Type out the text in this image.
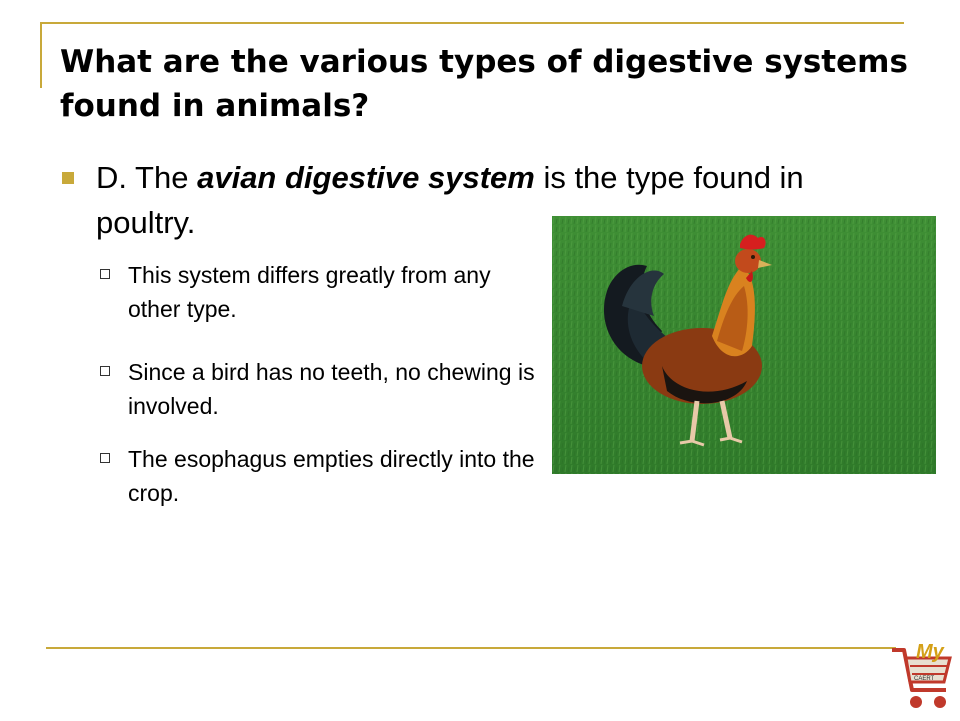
What are the various types of digestive systems found in animals?
D. The avian digestive system is the type found in poultry.
This system differs greatly from any other type.
Since a bird has no teeth, no chewing is involved.
The esophagus empties directly into the crop.
My
CAERT
